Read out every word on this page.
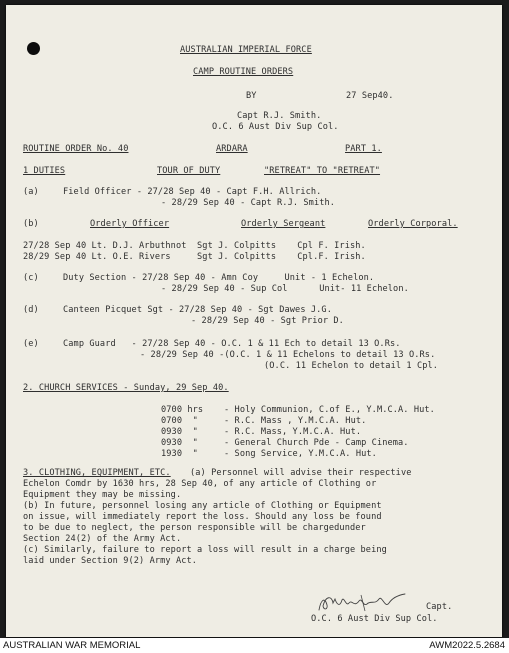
AUSTRALIAN IMPERIAL FORCE
CAMP ROUTINE ORDERS
BY	27 Sep40.
Capt R.J. Smith.
O.C. 6 Aust Div Sup Col.
ROUTINE ORDER No. 40	ARDARA	PART 1.
1 DUTIES	TOUR OF DUTY	"RETREAT" TO "RETREAT"
(a)	Field Officer - 27/28 Sep 40 - Capt F.H. Allrich.
- 28/29 Sep 40 - Capt R.J. Smith.
(b)	Orderly Officer	Orderly Sergeant	Orderly Corporal.
27/28 Sep 40 Lt. D.J. Arbuthnot  Sgt J. Colpitts    Cpl F. Irish.
28/29 Sep 40 Lt. O.E. Rivers     Sgt J. Colpitts    Cpl.F. Irish.
(c)	Duty Section - 27/28 Sep 40 - Amn Coy     Unit - 1 Echelon.
- 28/29 Sep 40 - Sup Col      Unit- 11 Echelon.
(d)	Canteen Picquet Sgt - 27/28 Sep 40 - Sgt Dawes J.G.
- 28/29 Sep 40 - Sgt Prior D.
(e)	Camp Guard   - 27/28 Sep 40 - O.C. 1 & 11 Ech to detail 13 O.Rs.
- 28/29 Sep 40 -(O.C. 1 & 11 Echelons to detail 13 O.Rs.
(O.C. 11 Echelon to detail 1 Cpl.
2. CHURCH SERVICES - Sunday, 29 Sep 40.
0700 hrs - Holy Communion, C.of E., Y.M.C.A. Hut.
0700  "	- R.C. Mass , Y.M.C.A. Hut.
0930  "	- R.C. Mass, Y.M.C.A. Hut.
0930  "	- General Church Pde - Camp Cinema.
1930  "	- Song Service, Y.M.C.A. Hut.
3. CLOTHING, EQUIPMENT, ETC. (a) Personnel will advise their respective
Echelon Comdr by 1630 hrs, 28 Sep 40, of any article of Clothing or
Equipment they may be missing.
(b) In future, personnel losing any article of Clothing or Equipment
on issue, will immediately report the loss. Should any loss be found
to be due to neglect, the person responsible will be chargedunder
Section 24(2) of the Army Act.
(c) Similarly, failure to report a loss will result in a charge being
laid under Section 9(2) Army Act.
Capt.
O.C. 6 Aust Div Sup Col.
AUSTRALIAN WAR MEMORIAL	AWM2022.5.2684
